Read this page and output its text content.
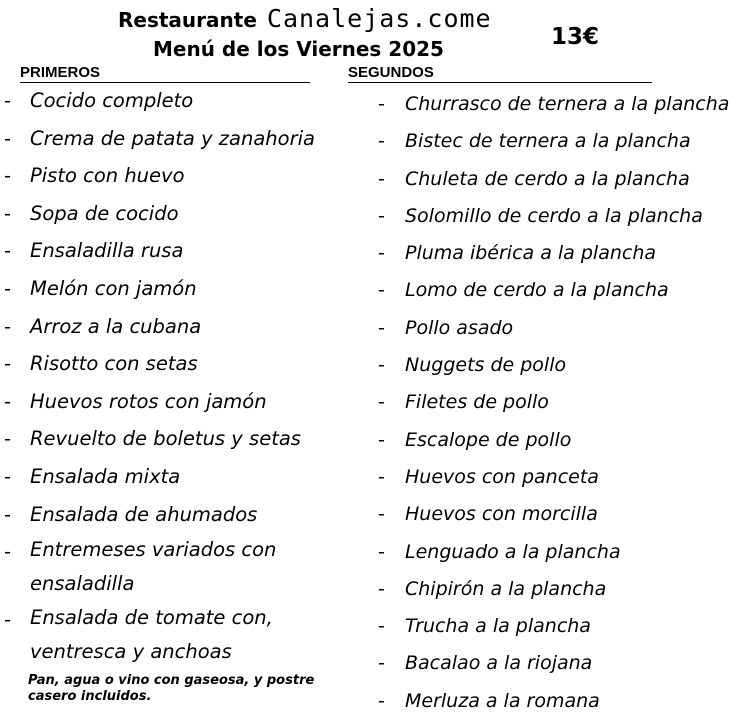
Restaurante Canalejas.come
Menú de los Viernes 2025	13€
PRIMEROS	SEGUNDOS
- Cocido completo
- Crema de patata y zanahoria
- Pisto con huevo
- Sopa de cocido
- Ensaladilla rusa
- Melón con jamón
- Arroz a la cubana
- Risotto con setas
- Huevos rotos con jamón
- Revuelto de boletus y setas
- Ensalada mixta
- Ensalada de ahumados
- Entremeses variados con ensaladilla
- Ensalada de tomate con, ventresca y anchoas
- Churrasco de ternera a la plancha
- Bistec de ternera a la plancha
- Chuleta de cerdo a la plancha
- Solomillo de cerdo a la plancha
- Pluma ibérica a la plancha
- Lomo de cerdo a la plancha
- Pollo asado
- Nuggets de pollo
- Filetes de pollo
- Escalope de pollo
- Huevos con panceta
- Huevos con morcilla
- Lenguado a la plancha
- Chipirón a la plancha
- Trucha a la plancha
- Bacalao a la riojana
- Merluza a la romana
Pan, agua o vino con gaseosa, y postre casero incluidos.
